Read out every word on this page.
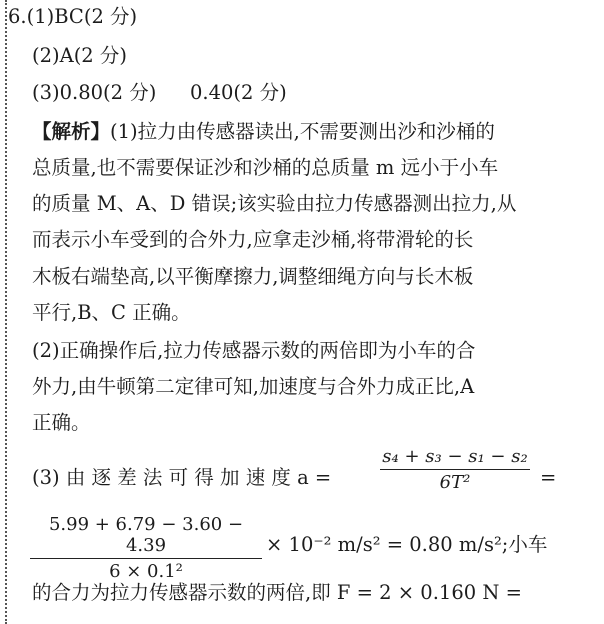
6.(1)BC(2 分)
(2)A(2 分)
(3)0.80(2 分) 0.40(2 分)
【解析】(1)拉力由传感器读出,不需要测出沙和沙桶的
总质量,也不需要保证沙和沙桶的总质量 m 远小于小车
的质量 M、A、D 错误;该实验由拉力传感器测出拉力,从
而表示小车受到的合外力,应拿走沙桶,将带滑轮的长
木板右端垫高,以平衡摩擦力,调整细绳方向与长木板
平行,B、C 正确。
(2)正确操作后,拉力传感器示数的两倍即为小车的合
外力,由牛顿第二定律可知,加速度与合外力成正比,A
正确。
(3) 由 逐 差 法 可 得 加 速 度 a =
s₄ + s₃ − s₁ − s₂
6T²	=
5.99 + 6.79 − 3.60 − 4.39
6 × 0.1²
× 10⁻² m/s² = 0.80 m/s²;小车
的合力为拉力传感器示数的两倍,即 F = 2 × 0.160 N =
